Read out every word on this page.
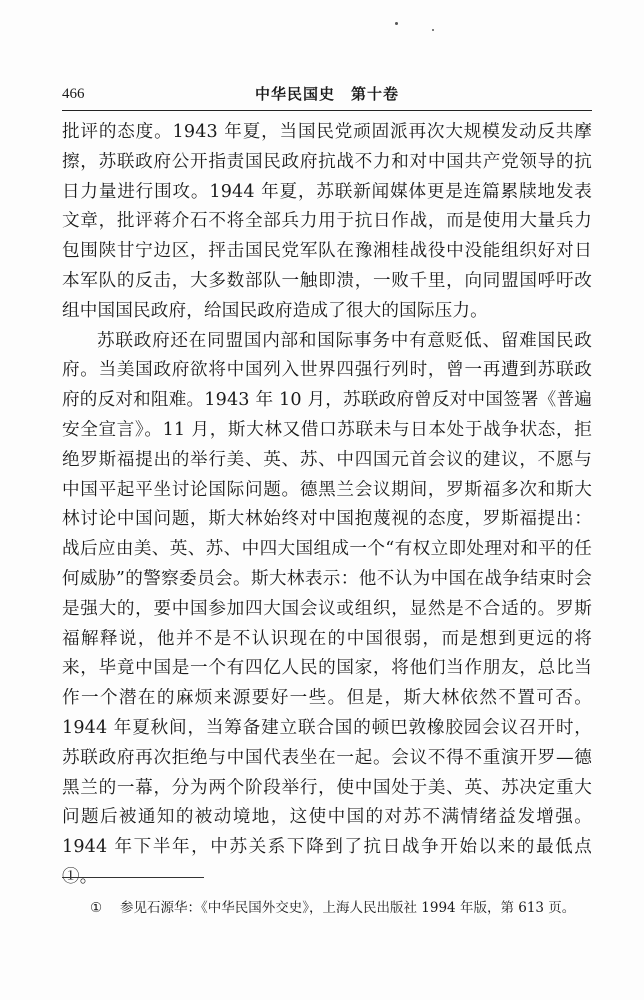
466	中华民国史　第十卷

批评的态度。1943 年夏，当国民党顽固派再次大规模发动反共摩擦，苏联政府公开指责国民政府抗战不力和对中国共产党领导的抗日力量进行围攻。1944 年夏，苏联新闻媒体更是连篇累牍地发表文章，批评蒋介石不将全部兵力用于抗日作战，而是使用大量兵力包围陕甘宁边区，抨击国民党军队在豫湘桂战役中没能组织好对日本军队的反击，大多数部队一触即溃，一败千里，向同盟国呼吁改组中国国民政府，给国民政府造成了很大的国际压力。

苏联政府还在同盟国内部和国际事务中有意贬低、留难国民政府。当美国政府欲将中国列入世界四强行列时，曾一再遭到苏联政府的反对和阻难。1943 年 10 月，苏联政府曾反对中国签署《普遍安全宣言》。11 月，斯大林又借口苏联未与日本处于战争状态，拒绝罗斯福提出的举行美、英、苏、中四国元首会议的建议，不愿与中国平起平坐讨论国际问题。德黑兰会议期间，罗斯福多次和斯大林讨论中国问题，斯大林始终对中国抱蔑视的态度，罗斯福提出：战后应由美、英、苏、中四大国组成一个“有权立即处理对和平的任何威胁”的警察委员会。斯大林表示：他不认为中国在战争结束时会是强大的，要中国参加四大国会议或组织，显然是不合适的。罗斯福解释说，他并不是不认识现在的中国很弱，而是想到更远的将来，毕竟中国是一个有四亿人民的国家，将他们当作朋友，总比当作一个潜在的麻烦来源要好一些。但是，斯大林依然不置可否。1944 年夏秋间，当筹备建立联合国的顿巴敦橡胶园会议召开时，苏联政府再次拒绝与中国代表坐在一起。会议不得不重演开罗—德黑兰的一幕，分为两个阶段举行，使中国处于美、英、苏决定重大问题后被通知的被动境地，这使中国的对苏不满情绪益发增强。1944 年下半年，中苏关系下降到了抗日战争开始以来的最低点①。

① 参见石源华：《中华民国外交史》，上海人民出版社 1994 年版，第 613 页。
